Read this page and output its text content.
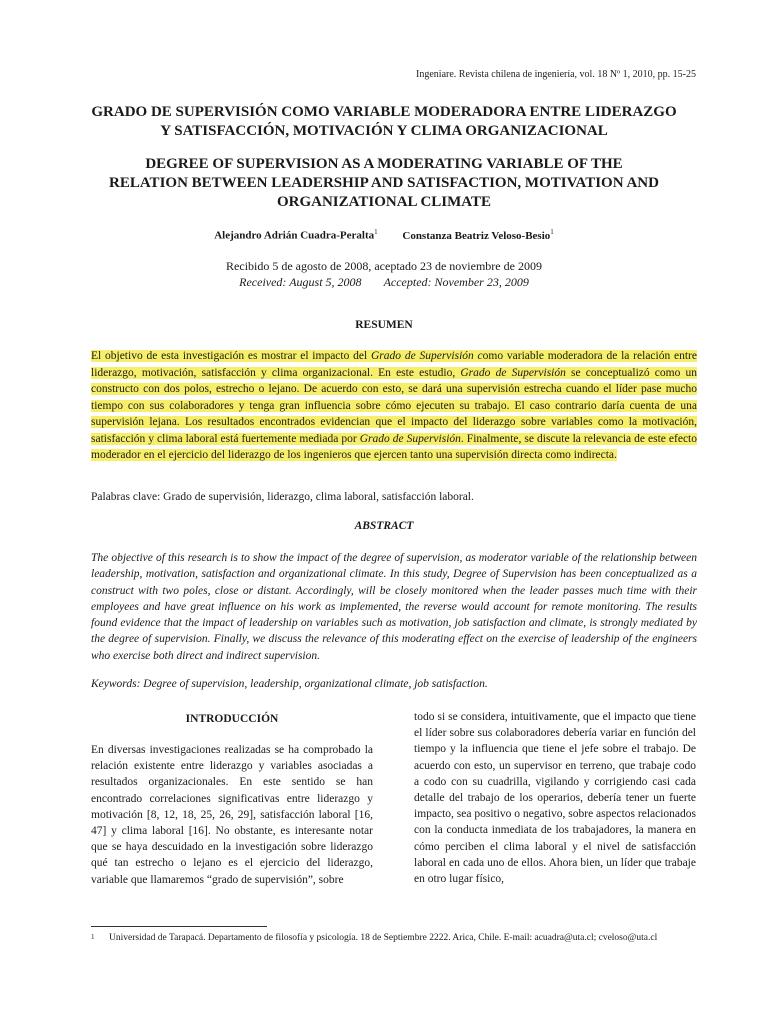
Ingeniare. Revista chilena de ingeniería, vol. 18 Nº 1, 2010, pp. 15-25
GRADO DE SUPERVISIÓN COMO VARIABLE MODERADORA ENTRE LIDERAZGO
Y SATISFACCIÓN, MOTIVACIÓN Y CLIMA ORGANIZACIONAL
DEGREE OF SUPERVISION AS A MODERATING VARIABLE OF THE
RELATION BETWEEN LEADERSHIP AND SATISFACTION, MOTIVATION AND
ORGANIZATIONAL CLIMATE
Alejandro Adrián Cuadra-Peralta$^1$ Constanza Beatriz Veloso-Besio$^1$
Recibido 5 de agosto de 2008, aceptado 23 de noviembre de 2009
Received: August 5, 2008 Accepted: November 23, 2009
RESUMEN
El objetivo de esta investigación es mostrar el impacto del Grado de Supervisión como variable moderadora de la relación entre liderazgo, motivación, satisfacción y clima organizacional. En este estudio, Grado de Supervisión se conceptualizó como un constructo con dos polos, estrecho o lejano. De acuerdo con esto, se dará una supervisión estrecha cuando el líder pase mucho tiempo con sus colaboradores y tenga gran influencia sobre cómo ejecuten su trabajo. El caso contrario daría cuenta de una supervisión lejana. Los resultados encontrados evidencian que el impacto del liderazgo sobre variables como la motivación, satisfacción y clima laboral está fuertemente mediada por Grado de Supervisión. Finalmente, se discute la relevancia de este efecto moderador en el ejercicio del liderazgo de los ingenieros que ejercen tanto una supervisión directa como indirecta.
Palabras clave: Grado de supervisión, liderazgo, clima laboral, satisfacción laboral.
ABSTRACT
The objective of this research is to show the impact of the degree of supervision, as moderator variable of the relationship between leadership, motivation, satisfaction and organizational climate. In this study, Degree of Supervision has been conceptualized as a construct with two poles, close or distant. Accordingly, will be closely monitored when the leader passes much time with their employees and have great influence on his work as implemented, the reverse would account for remote monitoring. The results found evidence that the impact of leadership on variables such as motivation, job satisfaction and climate, is strongly mediated by the degree of supervision. Finally, we discuss the relevance of this moderating effect on the exercise of leadership of the engineers who exercise both direct and indirect supervision.
Keywords: Degree of supervision, leadership, organizational climate, job satisfaction.
INTRODUCCIÓN
En diversas investigaciones realizadas se ha comprobado la relación existente entre liderazgo y variables asociadas a resultados organizacionales. En este sentido se han encontrado correlaciones significativas entre liderazgo y motivación [8, 12, 18, 25, 26, 29], satisfacción laboral [16, 47] y clima laboral [16]. No obstante, es interesante notar que se haya descuidado en la investigación sobre liderazgo qué tan estrecho o lejano es el ejercicio del liderazgo, variable que llamaremos “grado de supervisión”, sobre
todo si se considera, intuitivamente, que el impacto que tiene el líder sobre sus colaboradores debería variar en función del tiempo y la influencia que tiene el jefe sobre el trabajo. De acuerdo con esto, un supervisor en terreno, que trabaje codo a codo con su cuadrilla, vigilando y corrigiendo casi cada detalle del trabajo de los operarios, debería tener un fuerte impacto, sea positivo o negativo, sobre aspectos relacionados con la conducta inmediata de los trabajadores, la manera en cómo perciben el clima laboral y el nivel de satisfacción laboral en cada uno de ellos. Ahora bien, un líder que trabaje en otro lugar físico,
1 Universidad de Tarapacá. Departamento de filosofía y psicología. 18 de Septiembre 2222. Arica, Chile. E-mail: acuadra@uta.cl; cveloso@uta.cl
